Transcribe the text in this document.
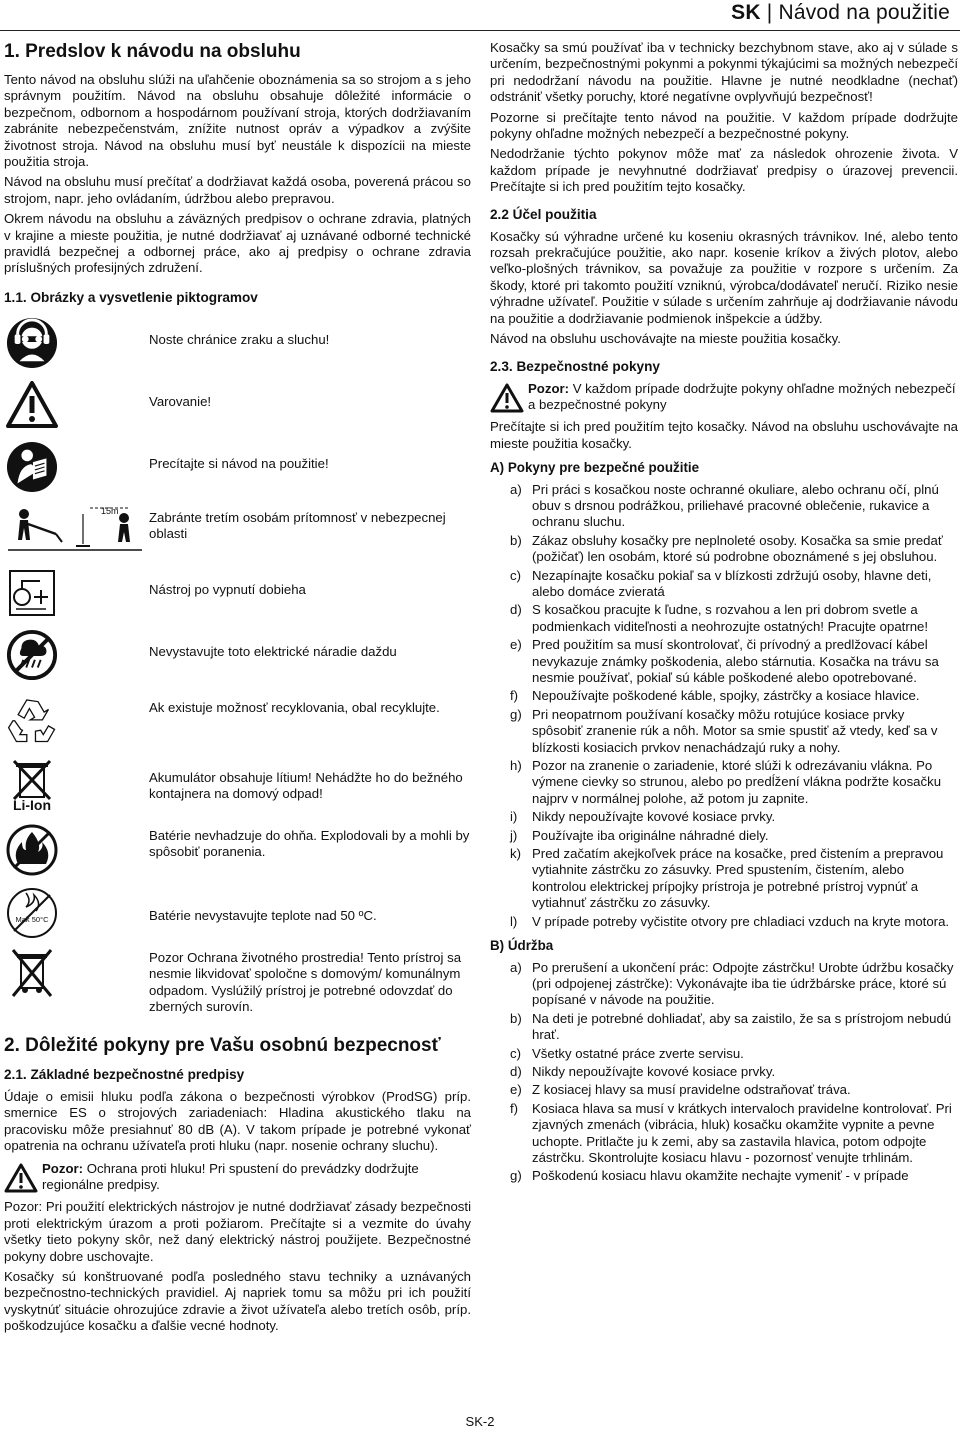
SK | Návod na použitie
1. Predslov k návodu na obsluhu

Tento návod na obsluhu slúži na uľahčenie oboznámenia sa so strojom a s jeho správnym použitím. Návod na obsluhu obsahuje dôležité informácie o bezpečnom, odbornom a hospodárnom používaní stroja, ktorých dodržiavaním zabránite nebezpečenstvám, znížite nutnost opráv a výpadkov a zvýšite životnost stroja. Návod na obsluhu musí byť neustále k dispozícii na mieste použitia stroja.

Návod na obsluhu musí prečítať a dodržiavat každá osoba, poverená prácou so strojom, napr. jeho ovládaním, údržbou alebo prepravou.

Okrem návodu na obsluhu a záväzných predpisov o ochrane zdravia, platných v krajine a mieste použitia, je nutné dodržiavať aj uznávané odborné technické pravidlá bezpečnej a odbornej práce, ako aj predpisy o ochrane zdravia príslušných profesijných združení.

1.1. Obrázky a vysvetlenie piktogramov
Noste chránice zraku a sluchu!
Varovanie!
Precítajte si návod na použitie!
15m Zabránte tretím osobám prítomnosť v nebezpecnej oblasti
Nástroj po vypnutí dobieha
Nevystavujte toto elektrické náradie daždu
Ak existuje možnosť recyklovania, obal recyklujte.
Li-Ion
Akumulátor obsahuje lítium! Nehádžte ho do bežného kontajnera na domový odpad!
Batérie nevhadzuje do ohňa. Explodovali by a mohli by spôsobiť poranenia.
Mak 50°C	Batérie nevystavujte teplote nad 50 ºC.
Pozor Ochrana životného prostredia! Tento prístroj sa nesmie likvidovať spoločne s domovým/ komunálnym odpadom. Vyslúžilý prístroj je potrebné odovzdať do zberných surovín.
2. Dôležité pokyny pre Vašu osobnú bezpecnosť
2.1. Základné bezpečnostné predpisy

Údaje o emisii hluku podľa zákona o bezpečnosti výrobkov (ProdSG) príp. smernice ES o strojových zariadeniach: Hladina akustického tlaku na pracovisku môže presiahnuť 80 dB (A). V takom prípade je potrebné vykonať opatrenia na ochranu užívateľa proti hluku (napr. nosenie ochrany sluchu).

Pozor: Ochrana proti hluku! Pri spustení do prevádzky dodržujte regionálne predpisy.

Pozor: Pri použití elektrických nástrojov je nutné dodržiavať zásady bezpečnosti proti elektrickým úrazom a proti požiarom. Prečítajte si a vezmite do úvahy všetky tieto pokyny skôr, než daný elektrický nástroj použijete. Bezpečnostné pokyny dobre uschovajte.

Kosačky sú konštruované podľa posledného stavu techniky a uznávaných bezpečnostno-technických pravidiel. Aj napriek tomu sa môžu pri ich použití vyskytnúť situácie ohrozujúce zdravie a život užívateľa alebo tretích osôb, príp. poškodzujúce kosačku a ďalšie vecné hodnoty.

Kosačky sa smú používať iba v technicky bezchybnom stave, ako aj v súlade s určením, bezpečnostnými pokynmi a pokynmi týkajúcimi sa možných nebezpečí pri nedodržaní návodu na použitie. Hlavne je nutné neodkladne (nechať) odstrániť všetky poruchy, ktoré negatívne ovplyvňujú bezpečnosť!

Pozorne si prečítajte tento návod na použitie. V každom prípade dodržujte pokyny ohľadne možných nebezpečí a bezpečnostné pokyny.

Nedodržanie týchto pokynov môže mať za následok ohrozenie života. V každom prípade je nevyhnutné dodržiavať predpisy o úrazovej prevencii. Prečítajte si ich pred použitím tejto kosačky.

2.2 Účel použitia

Kosačky sú výhradne určené ku koseniu okrasných trávnikov. Iné, alebo tento rozsah prekračujúce použitie, ako napr. kosenie kríkov a živých plotov, alebo veľko-plošných trávnikov, sa považuje za použitie v rozpore s určením. Za škody, ktoré pri takomto použití vzniknú, výrobca/dodávateľ neručí. Riziko nesie výhradne užívateľ. Použitie v súlade s určením zahrňuje aj dodržiavanie návodu na použitie a dodržiavanie podmienok inšpekcie a údžby.

Návod na obsluhu uschovávajte na mieste použitia kosačky.

2.3. Bezpečnostné pokyny
Pozor: V každom prípade dodržujte pokyny ohľadne možných nebezpečí a bezpečnostné pokyny

Prečítajte si ich pred použitím tejto kosačky. Návod na obsluhu uschovávajte na mieste použitia kosačky.

A) Pokyny pre bezpečné použitie
a) Pri práci s kosačkou noste ochranné okuliare, alebo ochranu očí, plnú obuv s drsnou podrážkou, priliehavé pracovné oblečenie, rukavice a ochranu sluchu.
b) Zákaz obsluhy kosačky pre neplnoleté osoby. Kosačka sa smie predať (požičať) len osobám, ktoré sú podrobne oboznámené s jej obsluhou.
c) Nezapínajte kosačku pokiaľ sa v blízkosti zdržujú osoby, hlavne deti, alebo domáce zvieratá
d) S kosačkou pracujte k ľudne, s rozvahou a len pri dobrom svetle a podmienkach viditeľnosti a neohrozujte ostatných! Pracujte opatrne!
e) Pred použitím sa musí skontrolovať, či prívodný a predlžovací kábel nevykazuje známky poškodenia, alebo stárnutia. Kosačka na trávu sa nesmie používať, pokiaľ sú káble poškodené alebo opotrebované.
f)	Nepoužívajte poškodené káble, spojky, zástrčky a kosiace hlavice.
g) Pri neopatrnom používaní kosačky môžu rotujúce kosiace prvky spôsobiť zranenie rúk a nôh. Motor sa smie spustiť až vtedy, keď sa v blízkosti kosiacich prvkov nenachádzajú ruky a nohy.
h) Pozor na zranenie o zariadenie, ktoré slúži k odrezávaniu vlákna. Po výmene cievky so strunou, alebo po predĺžení vlákna podržte kosačku najprv v normálnej polohe, až potom ju zapnite.
i)	Nikdy nepoužívajte kovové kosiace prvky.
j)	Používajte iba originálne náhradné diely.
k) Pred začatím akejkoľvek práce na kosačke, pred čistením a prepravou vytiahnite zástrčku zo zásuvky. Pred spustením, čistením, alebo kontrolou elektrickej prípojky prístroja je potrebné prístroj vypnúť a vytiahnuť zástrčku zo zásuvky.
l)	V prípade potreby vyčistite otvory pre chladiaci vzduch na kryte motora.
B) Údržba
a) Po prerušení a ukončení prác: Odpojte zástrčku! Urobte údržbu kosačky (pri odpojenej zástrčke): Vykonávajte iba tie údržbárske práce, ktoré sú popísané v návode na použitie.
b) Na deti je potrebné dohliadať, aby sa zaistilo, že sa s prístrojom nebudú hrať.
c) Všetky ostatné práce zverte servisu.
d) Nikdy nepoužívajte kovové kosiace prvky.
e) Z kosiacej hlavy sa musí pravidelne odstraňovať tráva.
f)	Kosiaca hlava sa musí v krátkych intervaloch pravidelne kontrolovať. Pri zjavných zmenách (vibrácia, hluk) kosačku okamžite vypnite a pevne uchopte. Pritlačte ju k zemi, aby sa zastavila hlavica, potom odpojte zástrčku. Skontrolujte kosiacu hlavu - pozornosť venujte trhlinám.
g) Poškodenú kosiacu hlavu okamžite nechajte vymeniť - v prípade
SK-2
